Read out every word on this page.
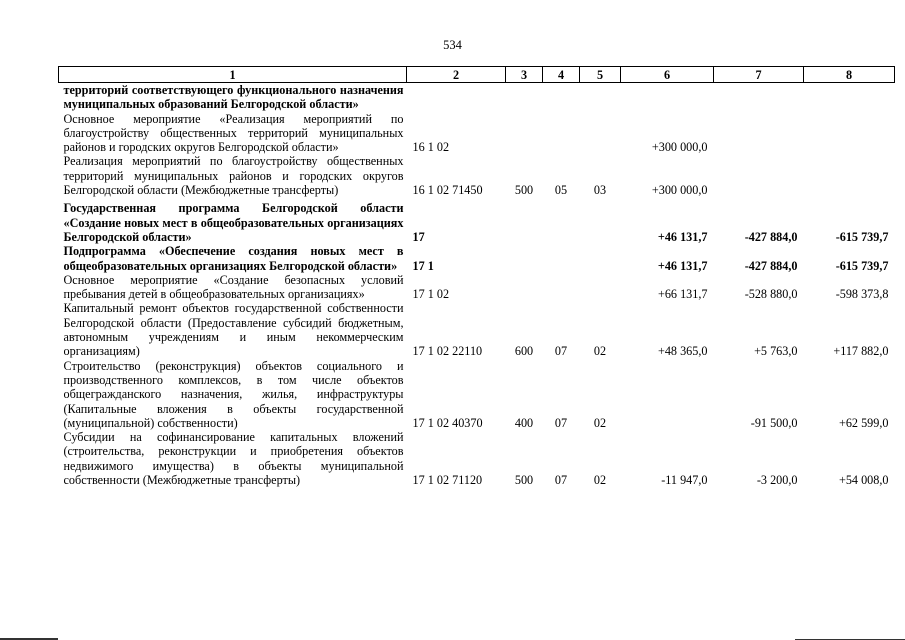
534
1	2	3	4	5	6	7	8
территорий соответствующего функционального назначения муниципальных образований Белгородской области»							
Основное мероприятие «Реализация мероприятий по благоустройству общественных территорий муниципальных районов и городских округов Белгородской области»	16 1 02				+300 000,0		
Реализация мероприятий по благоустройству общественных территорий муниципальных районов и городских округов Белгородской области (Межбюджетные трансферты)	16 1 02 71450	500	05	03	+300 000,0		

Государственная программа Белгородской области «Создание новых мест в общеобразовательных организациях Белгородской области»	17				+46 131,7	-427 884,0	-615 739,7
Подпрограмма «Обеспечение создания новых мест в общеобразовательных организациях Белгородской области»	17 1				+46 131,7	-427 884,0	-615 739,7
Основное мероприятие «Создание безопасных условий пребывания детей в общеобразовательных организациях»	17 1 02				+66 131,7	-528 880,0	-598 373,8
Капитальный ремонт объектов государственной собственности Белгородской области (Предоставление субсидий бюджетным, автономным учреждениям и иным некоммерческим организациям)	17 1 02 22110	600	07	02	+48 365,0	+5 763,0	+117 882,0
Строительство (реконструкция) объектов социального и производственного комплексов, в том числе объектов общегражданского назначения, жилья, инфраструктуры (Капитальные вложения в объекты государственной (муниципальной) собственности)	17 1 02 40370	400	07	02		-91 500,0	+62 599,0
Субсидии на софинансирование капитальных вложений (строительства, реконструкции и приобретения объектов недвижимого имущества) в объекты муниципальной собственности (Межбюджетные трансферты)	17 1 02 71120	500	07	02	-11 947,0	-3 200,0	+54 008,0
